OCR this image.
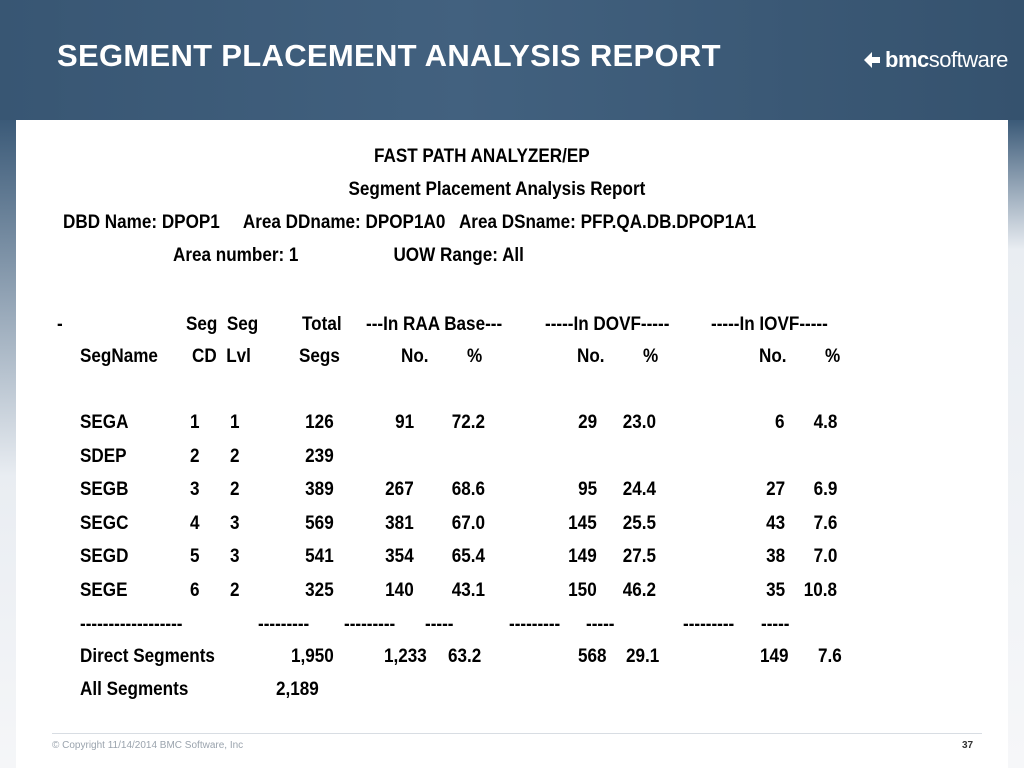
SEGMENT PLACEMENT ANALYSIS REPORT	bmc software
FAST PATH ANALYZER/EP
Segment Placement Analysis Report
DBD Name: DPOP1     Area DDname: DPOP1A0   Area DSname: PFP.QA.DB.DPOP1A1
Area number: 1                    UOW Range: All
-	Seg  Seg Total ---In RAA Base--- -----In DOVF----- -----In IOVF-----
SegName CD  Lvl	Segs	No. %	No. %	No. %
SEGA	1 1	126	91 72.2	29 23.0	6 4.8
SDEP	2 2	239
SEGB	3 2	389	267 68.6	95 24.4	27 6.9
SEGC	4 3	569	381 67.0	145 25.5	43 7.6
SEGD	5 3	541	354 65.4	149 27.5	38 7.0
SEGE	6 2	325	140 43.1	150 46.2	35 10.8
------------------	--------- --------- -----	--------- -----	--------- -----
Direct Segments	1,950	1,233 63.2	568 29.1	149 7.6
All Segments	2,189
© Copyright 11/14/2014 BMC Software, Inc	37
